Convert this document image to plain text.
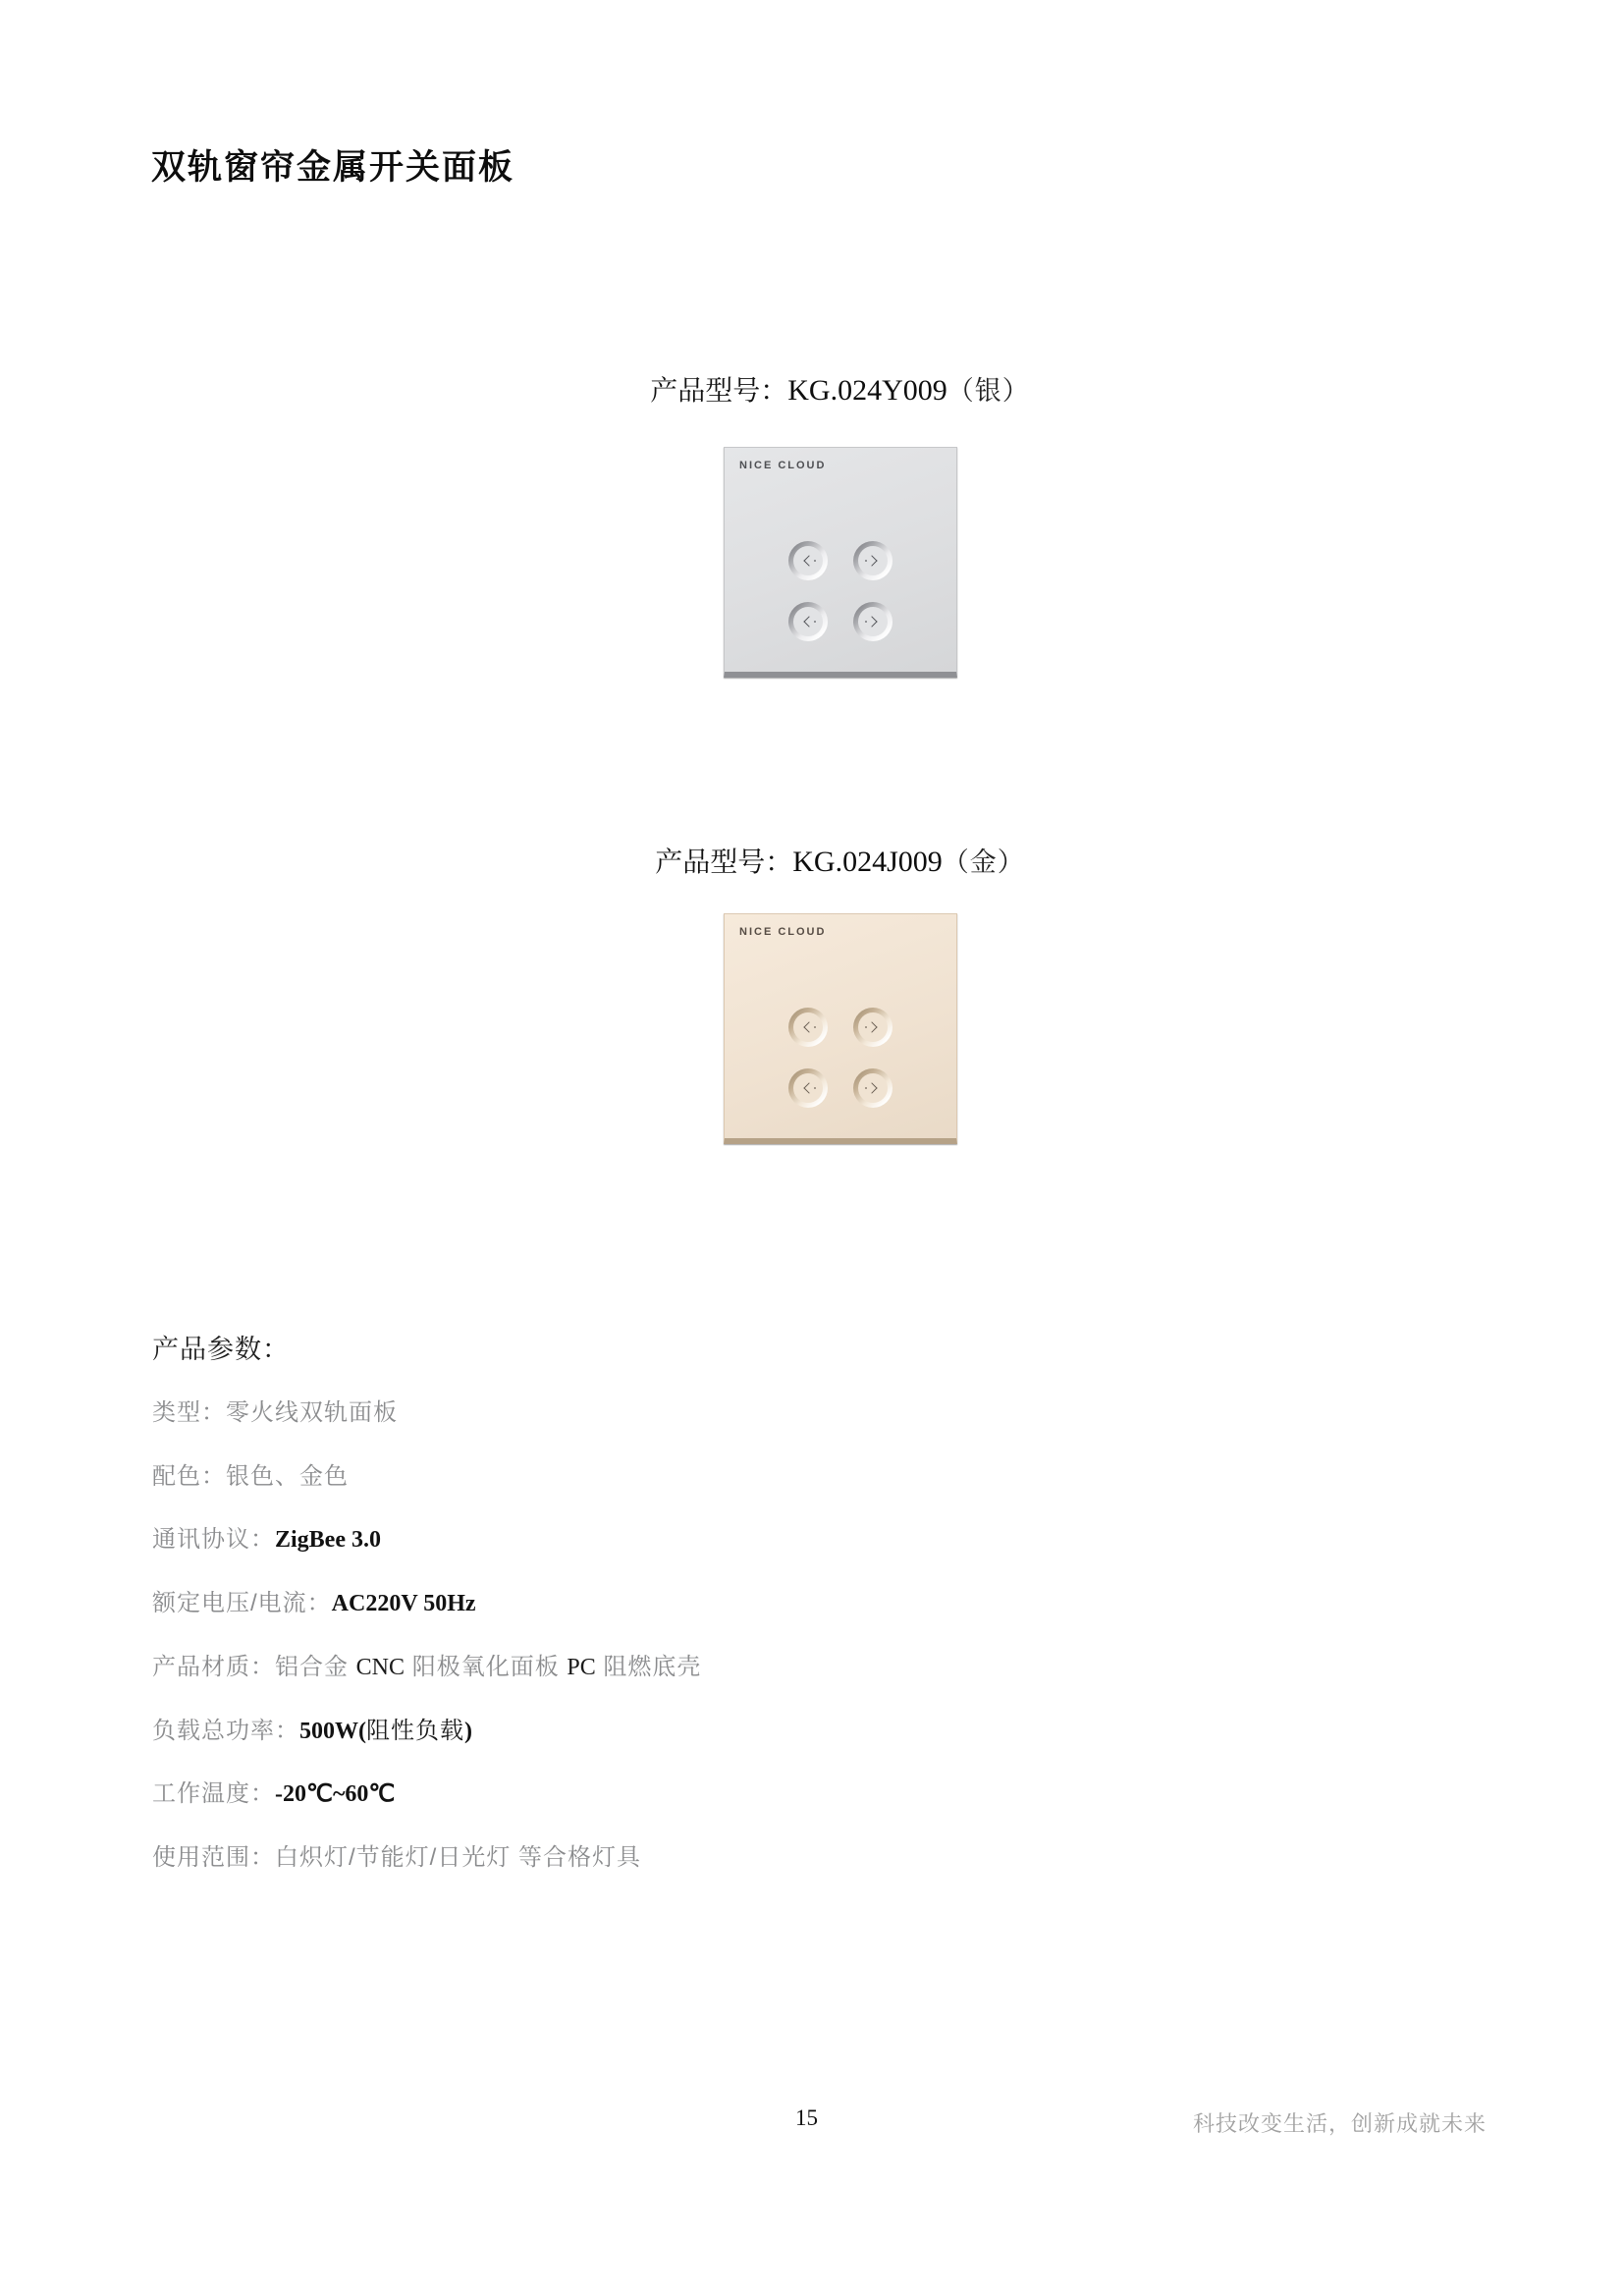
双轨窗帘金属开关面板
产品型号：KG.024Y009（银）
NICE CLOUD
产品型号：KG.024J009（金）
NICE CLOUD
产品参数：
类型：零火线双轨面板
配色：银色、金色
通讯协议：ZigBee 3.0
额定电压/电流：AC220V 50Hz
产品材质：铝合金 CNC 阳极氧化面板 PC 阻燃底壳
负载总功率：500W(阻性负载)
工作温度：-20℃~60℃
使用范围：白炽灯/节能灯/日光灯 等合格灯具
15	科技改变生活，创新成就未来
